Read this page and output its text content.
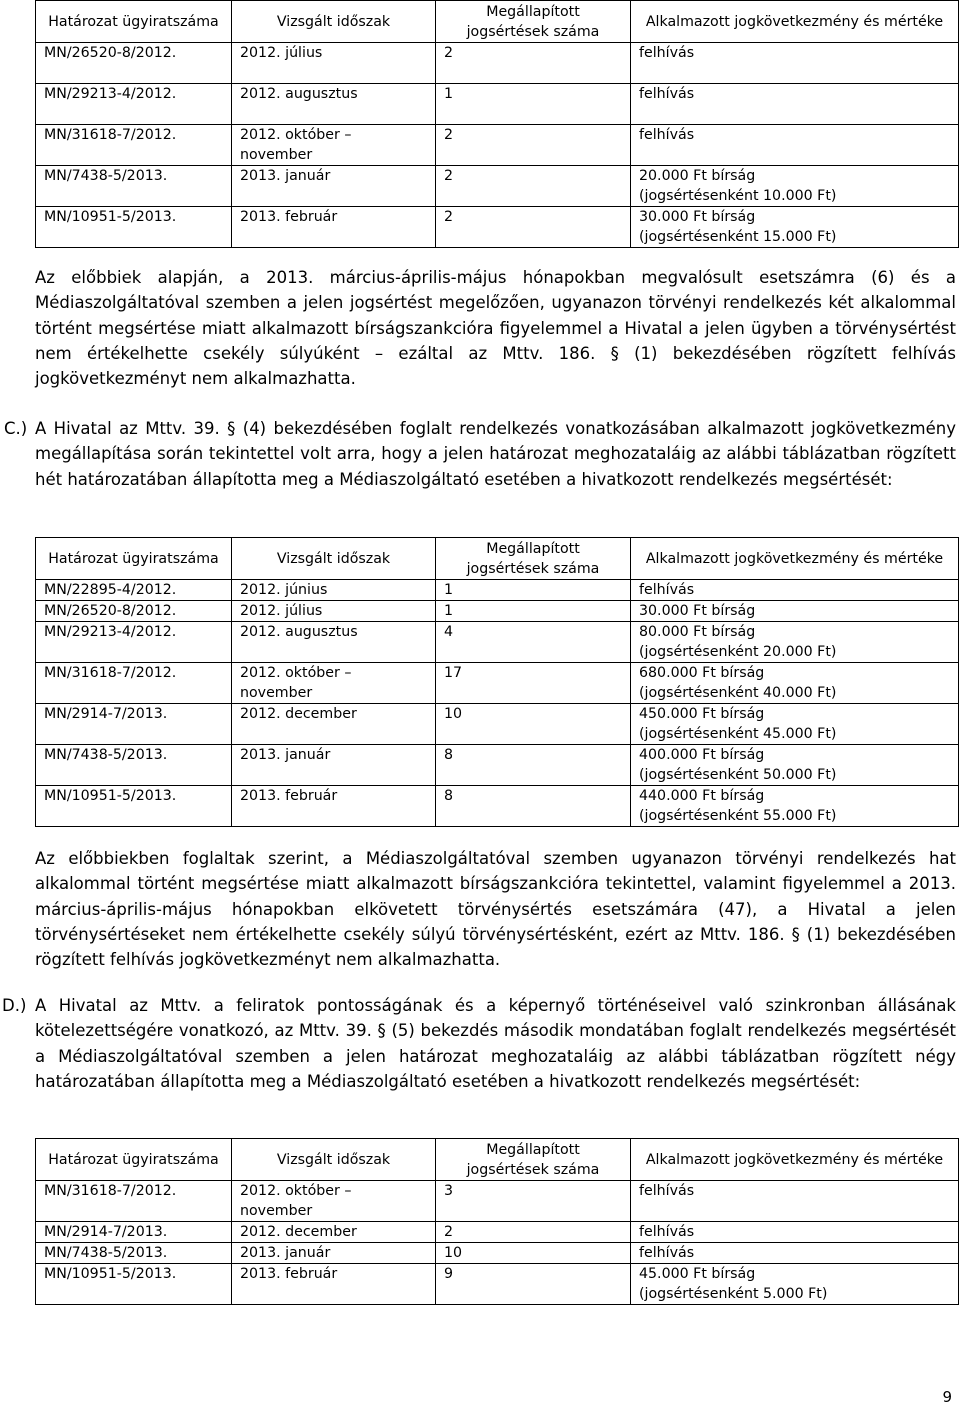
Határozat ügyiratszáma	Vizsgált időszak	Megállapított jogsértések száma	Alkalmazott jogkövetkezmény és mértéke
MN/26520-8/2012.	2012. július	2	felhívás
MN/29213-4/2012.	2012. augusztus	1	felhívás
MN/31618-7/2012.	2012. október –
november	2	felhívás
MN/7438-5/2013.	2013. január	2	20.000 Ft bírság
(jogsértésenként 10.000 Ft)
MN/10951-5/2013.	2013. február	2	30.000 Ft bírság
(jogsértésenként 15.000 Ft)

Az előbbiek alapján, a 2013. március-április-május hónapokban megvalósult esetszámra (6) és a Médiaszolgáltatóval szemben a jelen jogsértést megelőzően, ugyanazon törvényi rendelkezés két alkalommal történt megsértése miatt alkalmazott bírságszankcióra figyelemmel a Hivatal a jelen ügyben a törvénysértést nem értékelhette csekély súlyúként – ezáltal az Mttv. 186. § (1) bekezdésében rögzített felhívás jogkövetkezményt nem alkalmazhatta.

C.) A Hivatal az Mttv. 39. § (4) bekezdésében foglalt rendelkezés vonatkozásában alkalmazott jogkövetkezmény megállapítása során tekintettel volt arra, hogy a jelen határozat meghozataláig az alábbi táblázatban rögzített hét határozatában állapította meg a Médiaszolgáltató esetében a hivatkozott rendelkezés megsértését:

Határozat ügyiratszáma	Vizsgált időszak	Megállapított jogsértések száma	Alkalmazott jogkövetkezmény és mértéke
MN/22895-4/2012.	2012. június	1	felhívás
MN/26520-8/2012.	2012. július	1	30.000 Ft bírság
MN/29213-4/2012.	2012. augusztus	4	80.000 Ft bírság
(jogsértésenként 20.000 Ft)
MN/31618-7/2012.	2012. október –
november	17	680.000 Ft bírság
(jogsértésenként 40.000 Ft)
MN/2914-7/2013.	2012. december	10	450.000 Ft bírság
(jogsértésenként 45.000 Ft)
MN/7438-5/2013.	2013. január	8	400.000 Ft bírság
(jogsértésenként 50.000 Ft)
MN/10951-5/2013.	2013. február	8	440.000 Ft bírság
(jogsértésenként 55.000 Ft)

Az előbbiekben foglaltak szerint, a Médiaszolgáltatóval szemben ugyanazon törvényi rendelkezés hat alkalommal történt megsértése miatt alkalmazott bírságszankcióra tekintettel, valamint figyelemmel a 2013. március-április-május hónapokban elkövetett törvénysértés esetszámára (47), a Hivatal a jelen törvénysértéseket nem értékelhette csekély súlyú törvénysértésként, ezért az Mttv. 186. § (1) bekezdésében rögzített felhívás jogkövetkezményt nem alkalmazhatta.

D.) A Hivatal az Mttv. a feliratok pontosságának és a képernyő történéseivel való szinkronban állásának kötelezettségére vonatkozó, az Mttv. 39. § (5) bekezdés második mondatában foglalt rendelkezés megsértését a Médiaszolgáltatóval szemben a jelen határozat meghozataláig az alábbi táblázatban rögzített négy határozatában állapította meg a Médiaszolgáltató esetében a hivatkozott rendelkezés megsértését:

Határozat ügyiratszáma	Vizsgált időszak	Megállapított jogsértések száma	Alkalmazott jogkövetkezmény és mértéke
MN/31618-7/2012.	2012. október –
november	3	felhívás
MN/2914-7/2013.	2012. december	2	felhívás
MN/7438-5/2013.	2013. január	10	felhívás
MN/10951-5/2013.	2013. február	9	45.000 Ft bírság
(jogsértésenként 5.000 Ft)
9
